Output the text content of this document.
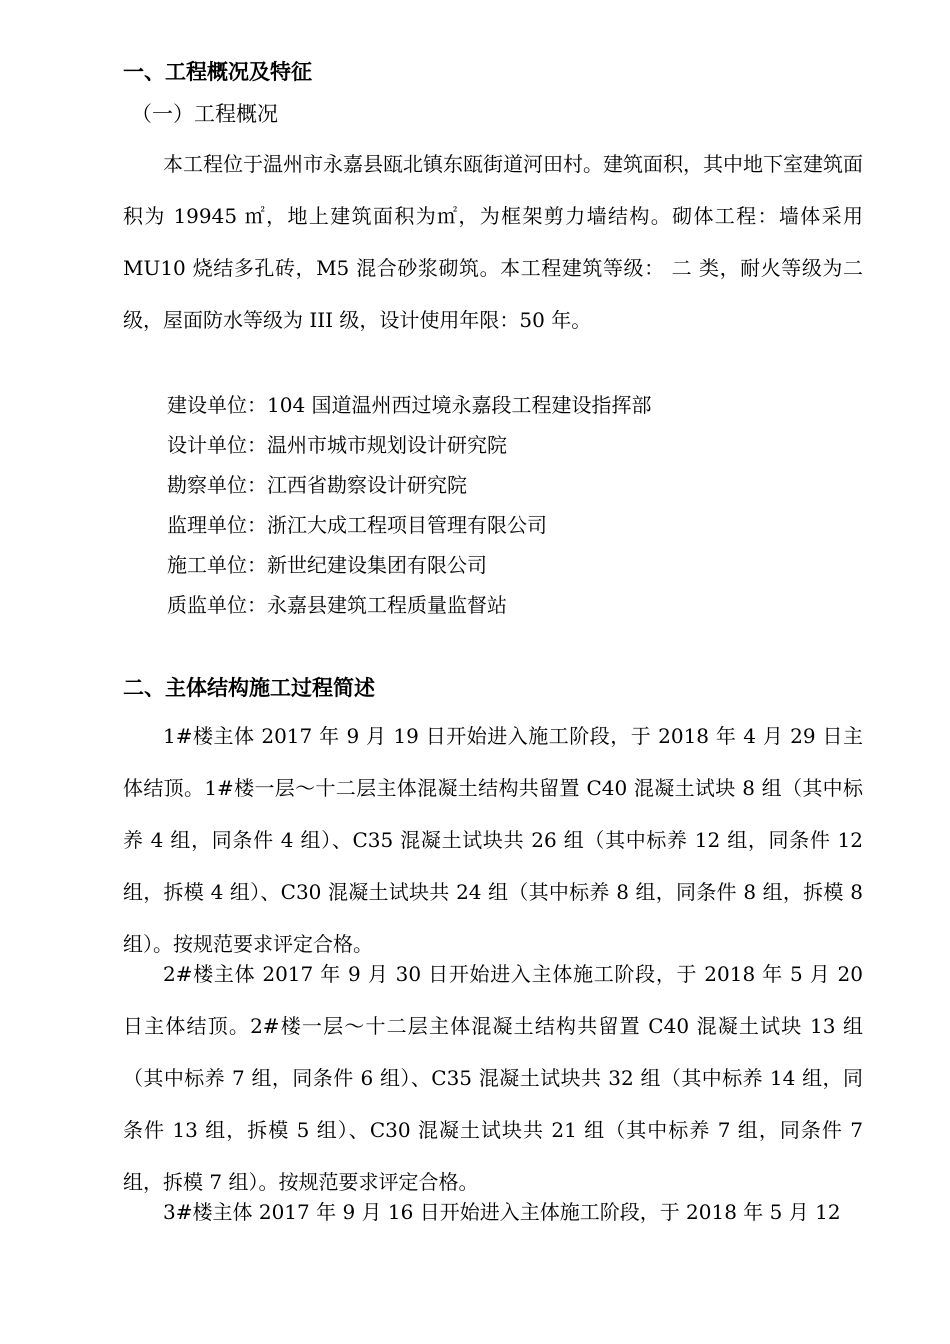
一、工程概况及特征
（一）工程概况

本工程位于温州市永嘉县瓯北镇东瓯街道河田村。建筑面积，其中地下室建筑面积为 19945 ㎡，地上建筑面积为㎡，为框架剪力墙结构。砌体工程：墙体采用 MU10 烧结多孔砖，M5 混合砂浆砌筑。本工程建筑等级： 二 类，耐火等级为二级，屋面防水等级为 III 级，设计使用年限：50 年。

建设单位：104 国道温州西过境永嘉段工程建设指挥部
设计单位：温州市城市规划设计研究院
勘察单位：江西省勘察设计研究院
监理单位：浙江大成工程项目管理有限公司
施工单位：新世纪建设集团有限公司
质监单位：永嘉县建筑工程质量监督站
二、主体结构施工过程简述

1#楼主体 2017 年 9 月 19 日开始进入施工阶段，于 2018 年 4 月 29 日主体结顶。1#楼一层～十二层主体混凝土结构共留置 C40 混凝土试块 8 组（其中标养 4 组，同条件 4 组）、C35 混凝土试块共 26 组（其中标养 12 组，同条件 12 组，拆模 4 组）、C30 混凝土试块共 24 组（其中标养 8 组，同条件 8 组，拆模 8 组）。按规范要求评定合格。

2#楼主体 2017 年 9 月 30 日开始进入主体施工阶段，于 2018 年 5 月 20 日主体结顶。2#楼一层～十二层主体混凝土结构共留置 C40 混凝土试块 13 组（其中标养 7 组，同条件 6 组）、C35 混凝土试块共 32 组（其中标养 14 组，同条件 13 组，拆模 5 组）、C30 混凝土试块共 21 组（其中标养 7 组，同条件 7 组，拆模 7 组）。按规范要求评定合格。

3#楼主体 2017 年 9 月 16 日开始进入主体施工阶段，于 2018 年 5 月 12
